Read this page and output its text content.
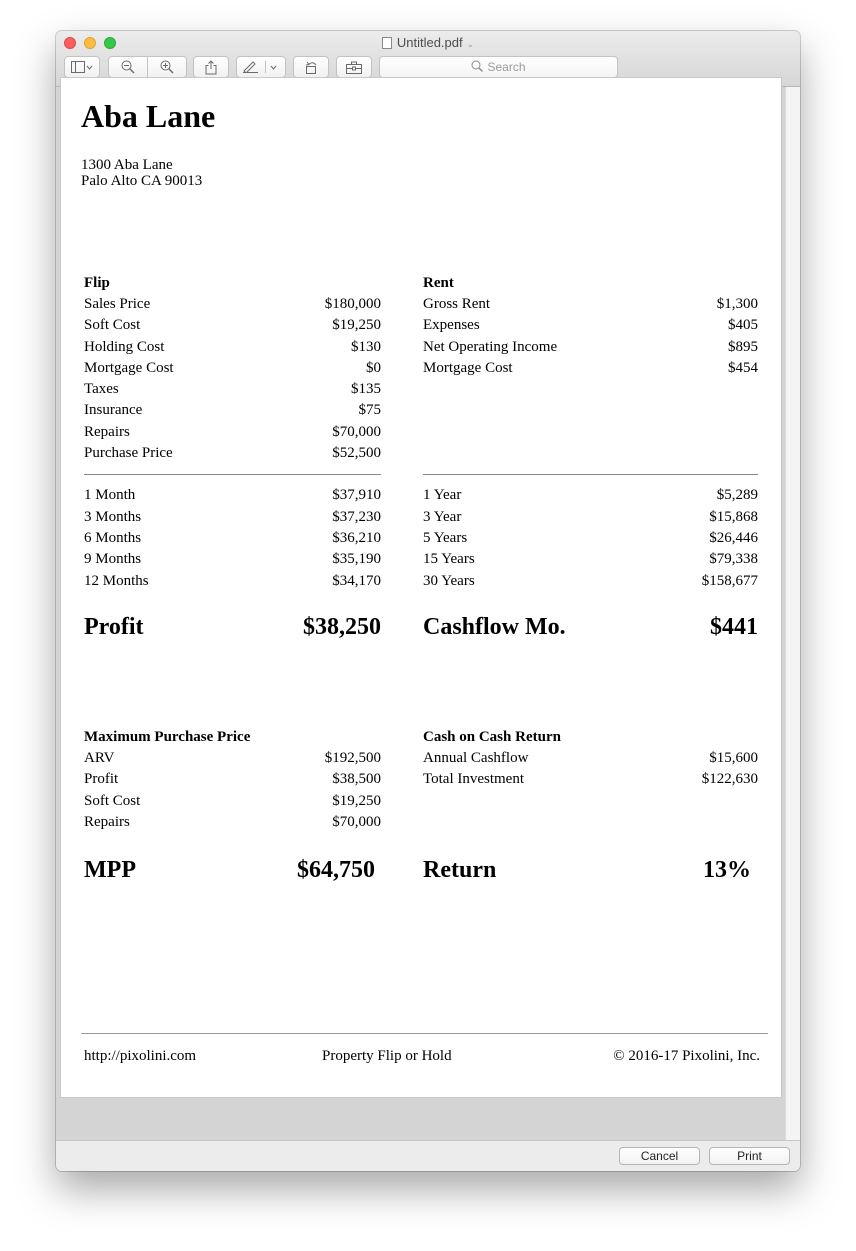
Untitled.pdf ⌄
Search
Aba Lane
1300 Aba Lane
Palo Alto CA 90013
Flip
Sales Price	$180,000
Soft Cost	$19,250
Holding Cost	$130
Mortgage Cost	$0
Taxes	$135
Insurance	$75
Repairs	$70,000
Purchase Price	$52,500
1 Month	$37,910
3 Months	$37,230
6 Months	$36,210
9 Months	$35,190
12 Months	$34,170
Profit	$38,250
Rent
Gross Rent	$1,300
Expenses	$405
Net Operating Income	$895
Mortgage Cost	$454
1 Year	$5,289
3 Year	$15,868
5 Years	$26,446
15 Years	$79,338
30 Years	$158,677
Cashflow Mo.	$441
Maximum Purchase Price
ARV	$192,500
Profit	$38,500
Soft Cost	$19,250
Repairs	$70,000
MPP	$64,750
Cash on Cash Return
Annual Cashflow	$15,600
Total Investment	$122,630
Return	13%
http://pixolini.com	Property Flip or Hold	© 2016-17 Pixolini, Inc.
Cancel	Print
